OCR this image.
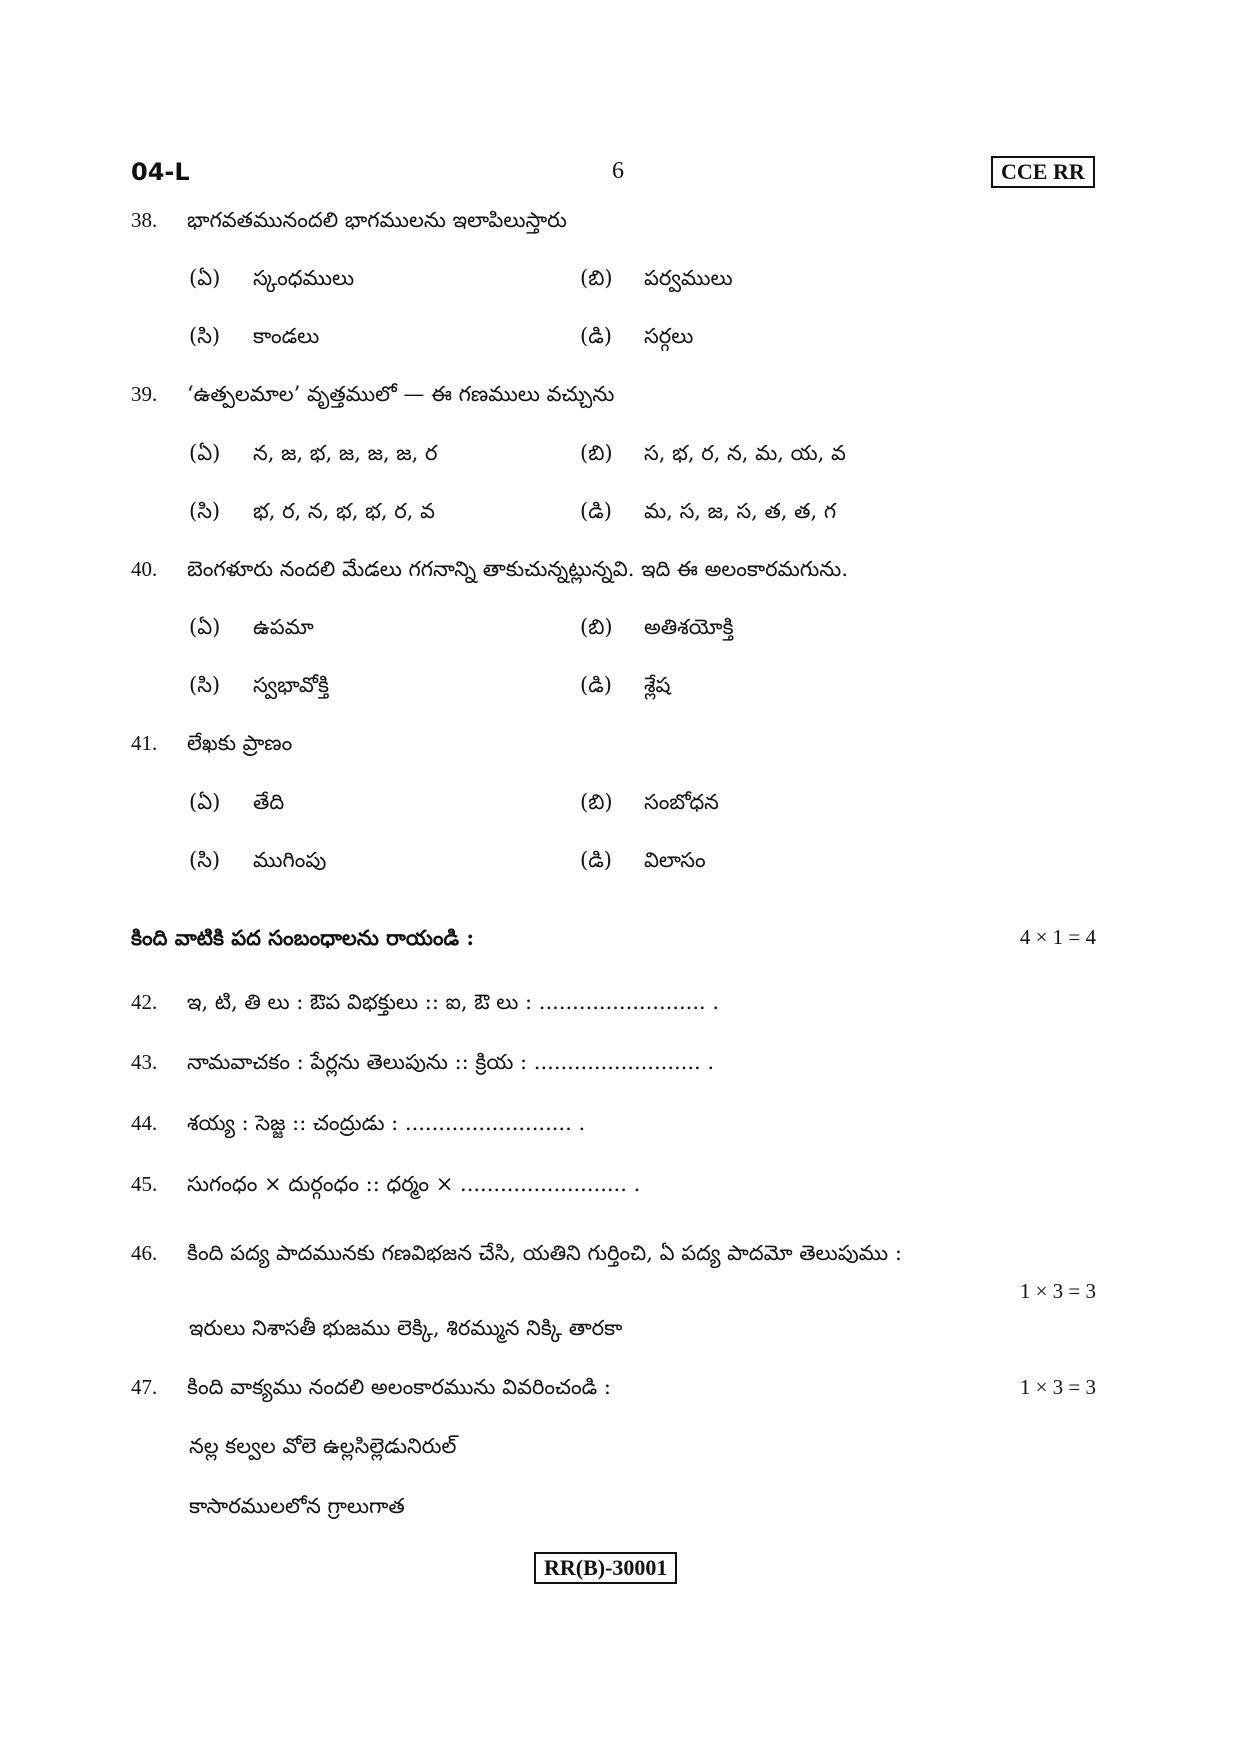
04-L	6	CCE RR
38. భాగవతమునందలి భాగములను ఇలాపిలుస్తారు
(ఏ) స్కంధములు	(బి) పర్వములు
(సి) కాండలు	(డి) సర్గలు
39. ‘ఉత్పలమాల’ వృత్తములో — ఈ గణములు వచ్చును
(ఏ) న, జ, భ, జ, జ, జ, ర	(బి) స, భ, ర, న, మ, య, వ
(సి) భ, ర, న, భ, భ, ర, వ	(డి) మ, స, జ, స, త, త, గ
40. బెంగళూరు నందలి మేడలు గగనాన్ని తాకుచున్నట్లున్నవి. ఇది ఈ అలంకారమగును.
(ఏ) ఉపమా	(బి) అతిశయోక్తి
(సి) స్వభావోక్తి	(డి) శ్లేష
41. లేఖకు ప్రాణం
(ఏ) తేది	(బి) సంబోధన
(సి) ముగింపు	(డి) విలాసం
కింది వాటికి పద సంబంధాలను రాయండి :	4 × 1 = 4
42. ఇ, టి, తి లు : ఔప విభక్తులు :: ఐ, ఔ లు : ......................... .
43. నామవాచకం : పేర్లను తెలుపును :: క్రియ : ......................... .
44. శయ్య : సెజ్జ :: చంద్రుడు : ......................... .
45. సుగంధం × దుర్గంధం :: ధర్మం × ......................... .
46. కింది పద్య పాదమునకు గణవిభజన చేసి, యతిని గుర్తించి, ఏ పద్య పాదమో తెలుపుము :
1 × 3 = 3
ఇరులు నిశాసతీ భుజము లెక్కి, శిరమ్మున నిక్కి తారకా
47. కింది వాక్యము నందలి అలంకారమును వివరించండి :	1 × 3 = 3
నల్ల కల్వల వోలె ఉల్లసిల్లెడునిరుల్
కాసారములలోన గ్రాలుగాత
RR(B)-30001
